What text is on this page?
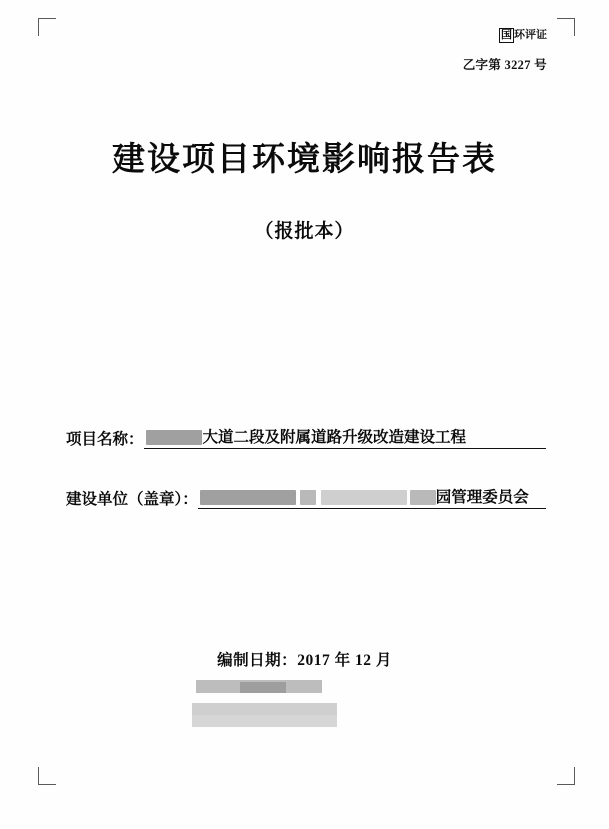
国 环评证
乙字第 3227 号
建设项目环境影响报告表
（报批本）
项目名称：	大道二段及附属道路升级改造建设工程
建设单位（盖章）：	园管理委员会
编制日期：2017 年 12 月
